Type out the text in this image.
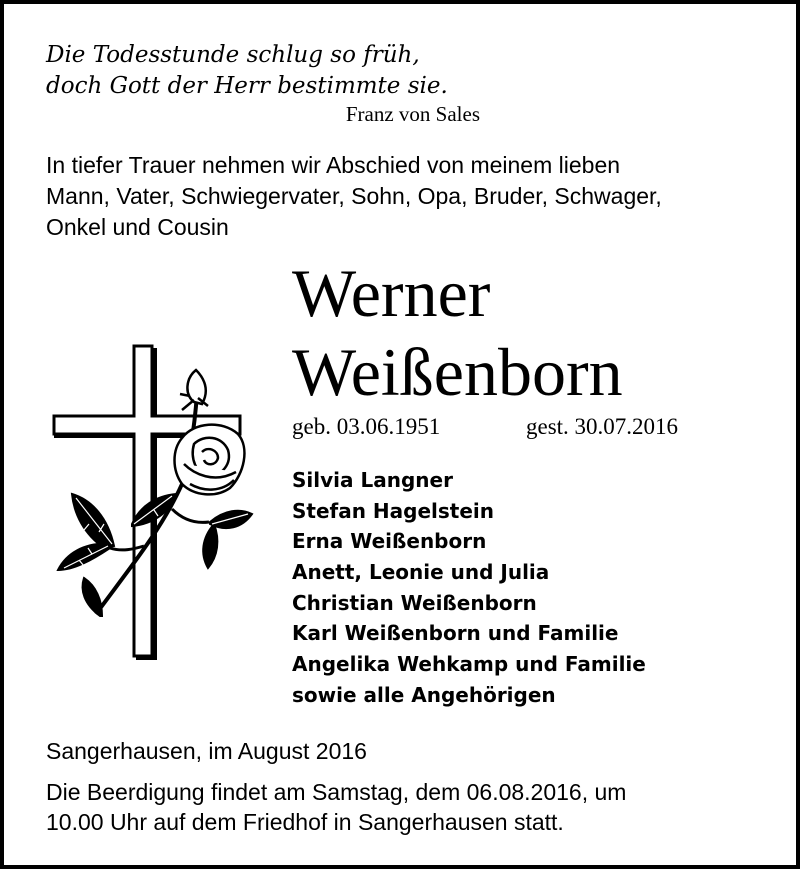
Die Todesstunde schlug so früh,
doch Gott der Herr bestimmte sie.
Franz von Sales
In tiefer Trauer nehmen wir Abschied von meinem lieben
Mann, Vater, Schwiegervater, Sohn, Opa, Bruder, Schwager,
Onkel und Cousin
Werner
Weißenborn
geb. 03.06.1951	gest. 30.07.2016
Silvia Langner
Stefan Hagelstein
Erna Weißenborn
Anett, Leonie und Julia
Christian Weißenborn
Karl Weißenborn und Familie
Angelika Wehkamp und Familie
sowie alle Angehörigen
Sangerhausen, im August 2016
Die Beerdigung findet am Samstag, dem 06.08.2016, um
10.00 Uhr auf dem Friedhof in Sangerhausen statt.
